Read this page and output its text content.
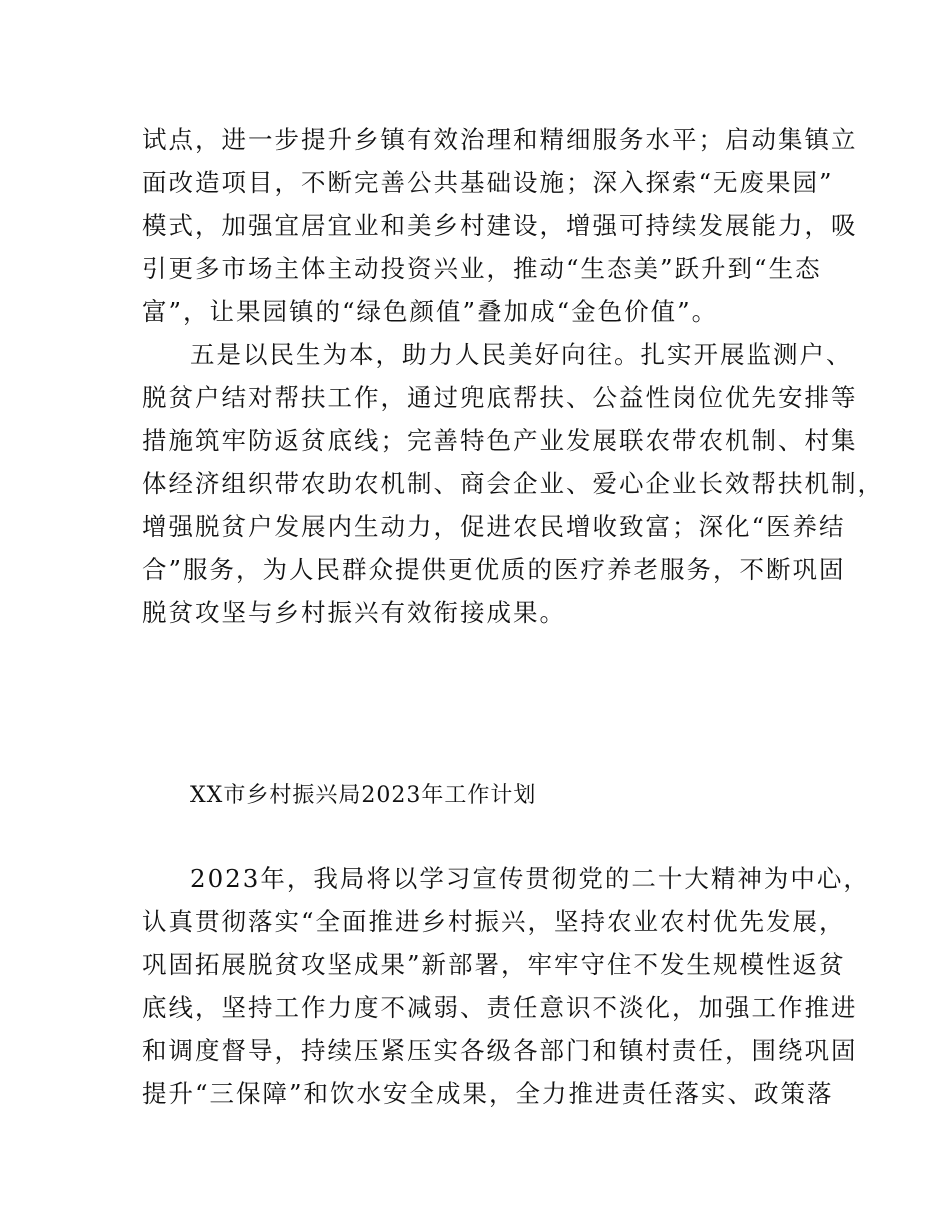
试点，进一步提升乡镇有效治理和精细服务水平；启动集镇立

面改造项目，不断完善公共基础设施；深入探索“无废果园”

模式，加强宜居宜业和美乡村建设，增强可持续发展能力，吸

引更多市场主体主动投资兴业，推动“生态美”跃升到“生态

富”，让果园镇的“绿色颜值”叠加成“金色价值”。

五是以民生为本，助力人民美好向往。扎实开展监测户、

脱贫户结对帮扶工作，通过兜底帮扶、公益性岗位优先安排等

措施筑牢防返贫底线；完善特色产业发展联农带农机制、村集

体经济组织带农助农机制、商会企业、爱心企业长效帮扶机制，

增强脱贫户发展内生动力，促进农民增收致富；深化“医养结

合”服务，为人民群众提供更优质的医疗养老服务，不断巩固

脱贫攻坚与乡村振兴有效衔接成果。

XX市乡村振兴局2023年工作计划

2023年，我局将以学习宣传贯彻党的二十大精神为中心，

认真贯彻落实“全面推进乡村振兴，坚持农业农村优先发展，

巩固拓展脱贫攻坚成果”新部署，牢牢守住不发生规模性返贫

底线，坚持工作力度不减弱、责任意识不淡化，加强工作推进

和调度督导，持续压紧压实各级各部门和镇村责任，围绕巩固

提升“三保障”和饮水安全成果，全力推进责任落实、政策落
